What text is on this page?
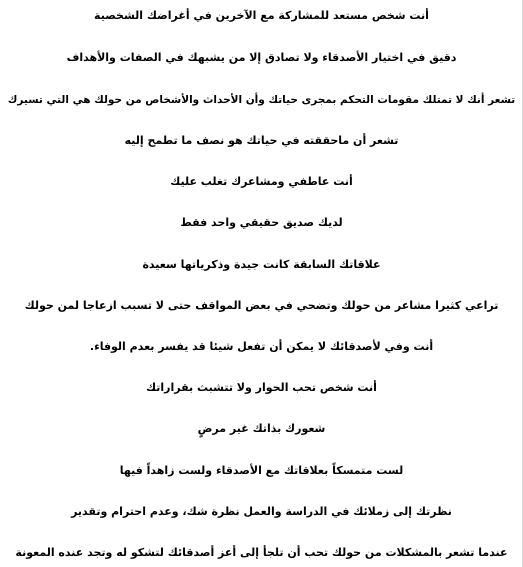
أنت شخص مستعد للمشاركة مع الآخرين في أغراضك الشخصية
دقيق في اختيار الأصدقاء ولا تصادق إلا من يشبهك في الصفات والأهداف
تشعر أنك لا تمتلك مقومات التحكم بمجرى حياتك وأن الأحداث والأشخاص من حولك هي التي تسيرك
تشعر أن ماحققته في حياتك هو نصف ما تطمح إليه
أنت عاطفي ومشاعرك تغلب عليك
لديك صديق حقيقي واحد فقط
علاقاتك السابقة كانت جيدة وذكرياتها سعيدة
تراعي كثيرا مشاعر من حولك وتضحي في بعض المواقف حتى لا تسبب ازعاجا لمن حولك
أنت وفي لأصدقائك لا يمكن أن تفعل شيئا قد يفسر بعدم الوفاء.
أنت شخص تحب الحوار ولا تتشبث بقراراتك
شعورك بذاتك غير مرضٍ
لست متمسكاً بعلاقاتك مع الأصدقاء ولست زاهداً فيها
نظرتك إلى زملائك في الدراسة والعمل نظرة شك، وعدم احترام وتقدير
عندما تشعر بالمشكلات من حولك تحب أن تلجأ إلى أعز أصدقائك لتشكو له وتجد عنده المعونة
